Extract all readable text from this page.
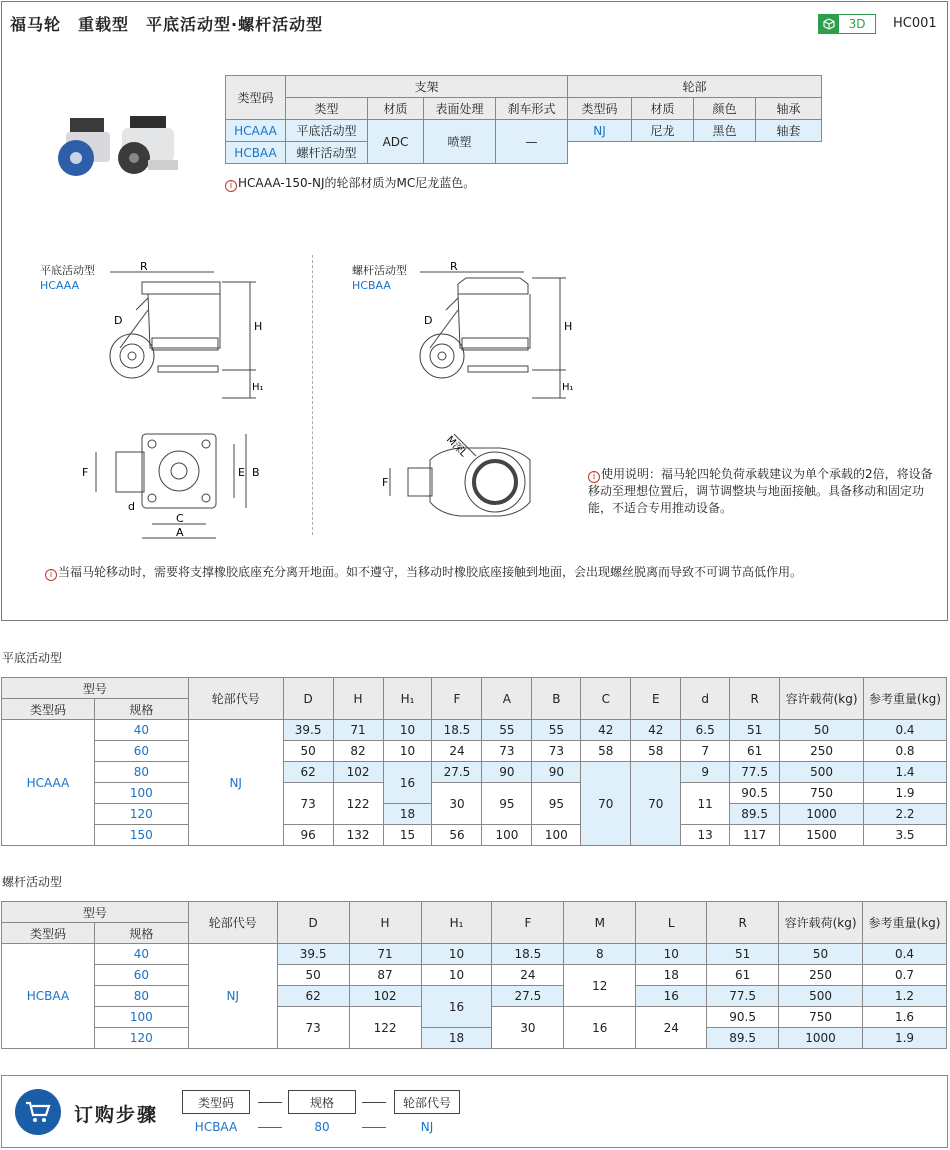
福马轮　重载型　平底活动型·螺杆活动型	3D	HC001
类型码	支架				轮部			
	类型	材质	表面处理	刹车形式	类型码	材质	颜色	轴承
HCAAA	平底活动型	ADC	喷塑	—	NJ	尼龙	黑色	轴套
HCBAA	螺杆活动型							
i HCAAA-150-NJ的轮部材质为MC尼龙蓝色。
平底活动型
HCAAA
螺杆活动型
HCBAA
R
D	H
H₁
F	E B
C
A
d
R
D	H
H₁
F
M深L
i 使用说明：福马轮四轮负荷承载建议为单个承载的2倍，将设备移动至理想位置后，调节调整块与地面接触。具备移动和固定功能，不适合专用推动设备。
i 当福马轮移动时，需要将支撑橡胶底座充分离开地面。如不遵守，当移动时橡胶底座接触到地面，会出现螺丝脱离而导致不可调节高低作用。
平底活动型
型号		轮部代号	D	H	H₁	F	A	B	C	E	d	R	容许载荷(kg)	参考重量(kg)
类型码	规格													
HCAAA	40	NJ	39.5	71	10	18.5	55	55	42	42	6.5	51	50	0.4
	60		50	82	10	24	73	73	58	58	7	61	250	0.8
	80		62	102	16	27.5	90	90	70	70	9	77.5	500	1.4
	100		73	122		30	95	95			11	90.5	750	1.9
	120				18							89.5	1000	2.2
	150		96	132	15	56	100	100			13	117	1500	3.5
螺杆活动型
型号		轮部代号	D	H	H₁	F	M	L	R	容许载荷(kg)	参考重量(kg)
类型码	规格										
HCBAA	40	NJ	39.5	71	10	18.5	8	10	51	50	0.4
	60		50	87	10	24	12	18	61	250	0.7
	80		62	102	16	27.5		16	77.5	500	1.2
	100		73	122		30	16	24	90.5	750	1.6
	120				18				89.5	1000	1.9
订购步骤
类型码	规格	轮部代号
HCBAA	80	NJ
